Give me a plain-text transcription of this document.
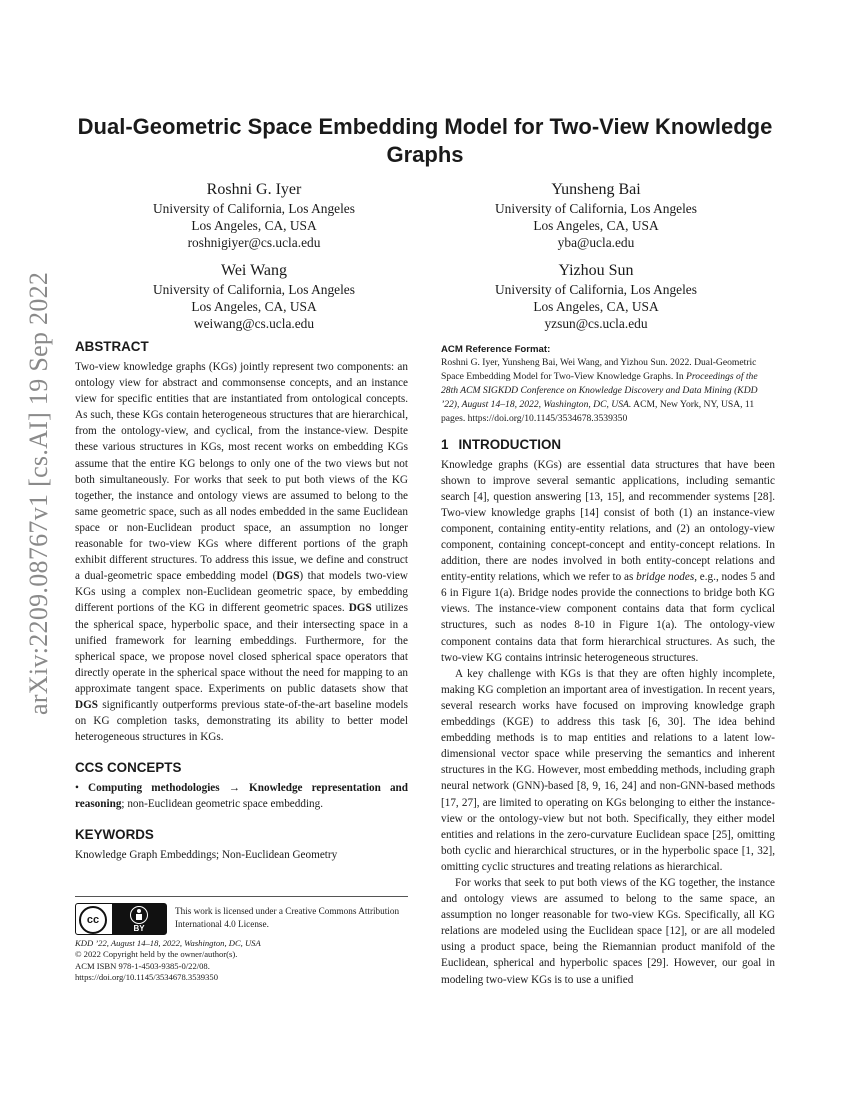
arXiv:2209.08767v1 [cs.AI] 19 Sep 2022
Dual-Geometric Space Embedding Model for Two-View Knowledge Graphs
Roshni G. Iyer
University of California, Los Angeles
Los Angeles, CA, USA
roshnigiyer@cs.ucla.edu
Yunsheng Bai
University of California, Los Angeles
Los Angeles, CA, USA
yba@ucla.edu
Wei Wang
University of California, Los Angeles
Los Angeles, CA, USA
weiwang@cs.ucla.edu
Yizhou Sun
University of California, Los Angeles
Los Angeles, CA, USA
yzsun@cs.ucla.edu
ABSTRACT

Two-view knowledge graphs (KGs) jointly represent two components: an ontology view for abstract and commonsense concepts, and an instance view for specific entities that are instantiated from ontological concepts. As such, these KGs contain heterogeneous structures that are hierarchical, from the ontology-view, and cyclical, from the instance-view. Despite these various structures in KGs, most recent works on embedding KGs assume that the entire KG belongs to only one of the two views but not both simultaneously. For works that seek to put both views of the KG together, the instance and ontology views are assumed to belong to the same geometric space, such as all nodes embedded in the same Euclidean space or non-Euclidean product space, an assumption no longer reasonable for two-view KGs where different portions of the graph exhibit different structures. To address this issue, we define and construct a dual-geometric space embedding model (DGS) that models two-view KGs using a complex non-Euclidean geometric space, by embedding different portions of the KG in different geometric spaces. DGS utilizes the spherical space, hyperbolic space, and their intersecting space in a unified framework for learning embeddings. Furthermore, for the spherical space, we propose novel closed spherical space operators that directly operate in the spherical space without the need for mapping to an approximate tangent space. Experiments on public datasets show that DGS significantly outperforms previous state-of-the-art baseline models on KG completion tasks, demonstrating its ability to better model heterogeneous structures in KGs.

CCS CONCEPTS

• Computing methodologies → Knowledge representation and reasoning; non-Euclidean geometric space embedding.

KEYWORDS

Knowledge Graph Embeddings; Non-Euclidean Geometry

cc
BY
This work is licensed under a Creative Commons Attribution International 4.0 License.
KDD ’22, August 14–18, 2022, Washington, DC, USA
© 2022 Copyright held by the owner/author(s).
ACM ISBN 978-1-4503-9385-0/22/08.
https://doi.org/10.1145/3534678.3539350
ACM Reference Format:
Roshni G. Iyer, Yunsheng Bai, Wei Wang, and Yizhou Sun. 2022. Dual-Geometric Space Embedding Model for Two-View Knowledge Graphs. In Proceedings of the 28th ACM SIGKDD Conference on Knowledge Discovery and Data Mining (KDD ’22), August 14–18, 2022, Washington, DC, USA. ACM, New York, NY, USA, 11 pages. https://doi.org/10.1145/3534678.3539350
1 INTRODUCTION

Knowledge graphs (KGs) are essential data structures that have been shown to improve several semantic applications, including semantic search [4], question answering [13, 15], and recommender systems [28]. Two-view knowledge graphs [14] consist of both (1) an instance-view component, containing entity-entity relations, and (2) an ontology-view component, containing concept-concept and entity-concept relations. In addition, there are nodes involved in both entity-concept relations and entity-entity relations, which we refer to as bridge nodes, e.g., nodes 5 and 6 in Figure 1(a). Bridge nodes provide the connections to bridge both KG views. The instance-view component contains data that form cyclical structures, such as nodes 8-10 in Figure 1(a). The ontology-view component contains data that form hierarchical structures. As such, the two-view KG contains intrinsic heterogeneous structures.

A key challenge with KGs is that they are often highly incomplete, making KG completion an important area of investigation. In recent years, several research works have focused on improving knowledge graph embeddings (KGE) to address this task [6, 30]. The idea behind embedding methods is to map entities and relations to a latent low-dimensional vector space while preserving the semantics and inherent structures in the KG. However, most embedding methods, including graph neural network (GNN)-based [8, 9, 16, 24] and non-GNN-based methods [17, 27], are limited to operating on KGs belonging to either the instance-view or the ontology-view but not both. Specifically, they either model entities and relations in the zero-curvature Euclidean space [25], omitting both cyclic and hierarchical structures, or in the hyperbolic space [1, 32], omitting cyclic structures and treating relations as hierarchical.

For works that seek to put both views of the KG together, the instance and ontology views are assumed to belong to the same space, an assumption no longer reasonable for two-view KGs. Specifically, all KG relations are modeled using the Euclidean space [12], or are all modeled using a product space, being the Riemannian product manifold of the Euclidean, spherical and hyperbolic spaces [29]. However, our goal in modeling two-view KGs is to use a unified
